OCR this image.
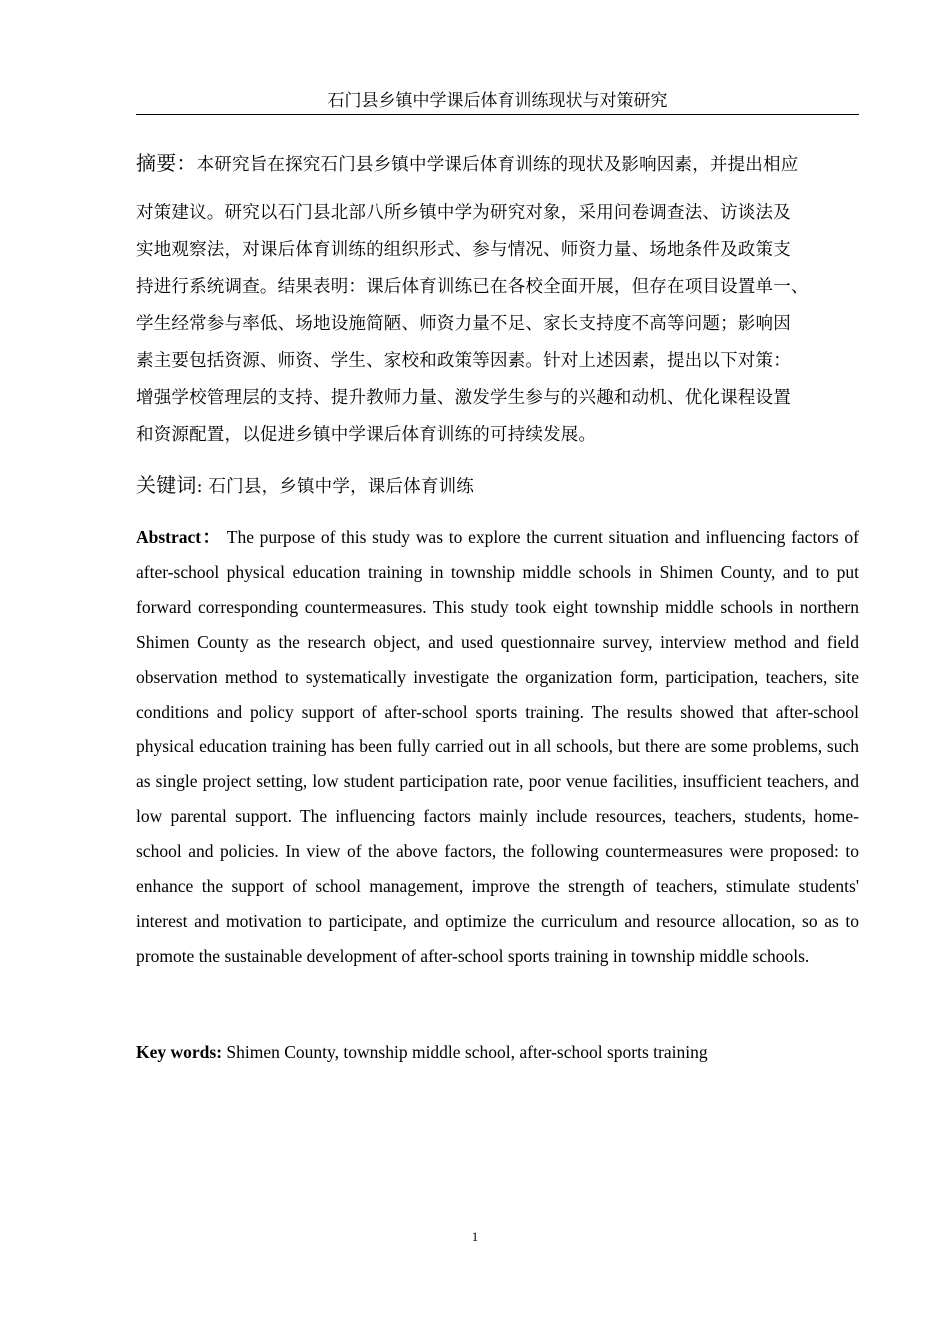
石门县乡镇中学课后体育训练现状与对策研究
摘要：本研究旨在探究石门县乡镇中学课后体育训练的现状及影响因素，并提出相应
对策建议。研究以石门县北部八所乡镇中学为研究对象，采用问卷调查法、访谈法及
实地观察法，对课后体育训练的组织形式、参与情况、师资力量、场地条件及政策支
持进行系统调查。结果表明：课后体育训练已在各校全面开展，但存在项目设置单一、
学生经常参与率低、场地设施简陋、师资力量不足、家长支持度不高等问题；影响因
素主要包括资源、师资、学生、家校和政策等因素。针对上述因素，提出以下对策：
增强学校管理层的支持、提升教师力量、激发学生参与的兴趣和动机、优化课程设置
和资源配置，以促进乡镇中学课后体育训练的可持续发展。
关键词: 石门县，乡镇中学，课后体育训练

Abstract： The purpose of this study was to explore the current situation and influencing factors of after-school physical education training in township middle schools in Shimen County, and to put forward corresponding countermeasures. This study took eight township middle schools in northern Shimen County as the research object, and used questionnaire survey, interview method and field observation method to systematically investigate the organization form, participation, teachers, site conditions and policy support of after-school sports training. The results showed that after-school physical education training has been fully carried out in all schools, but there are some problems, such as single project setting, low student participation rate, poor venue facilities, insufficient teachers, and low parental support. The influencing factors mainly include resources, teachers, students, home-school and policies. In view of the above factors, the following countermeasures were proposed: to enhance the support of school management, improve the strength of teachers, stimulate students' interest and motivation to participate, and optimize the curriculum and resource allocation, so as to promote the sustainable development of after-school sports training in township middle schools.

Key words: Shimen County, township middle school, after-school sports training
1
